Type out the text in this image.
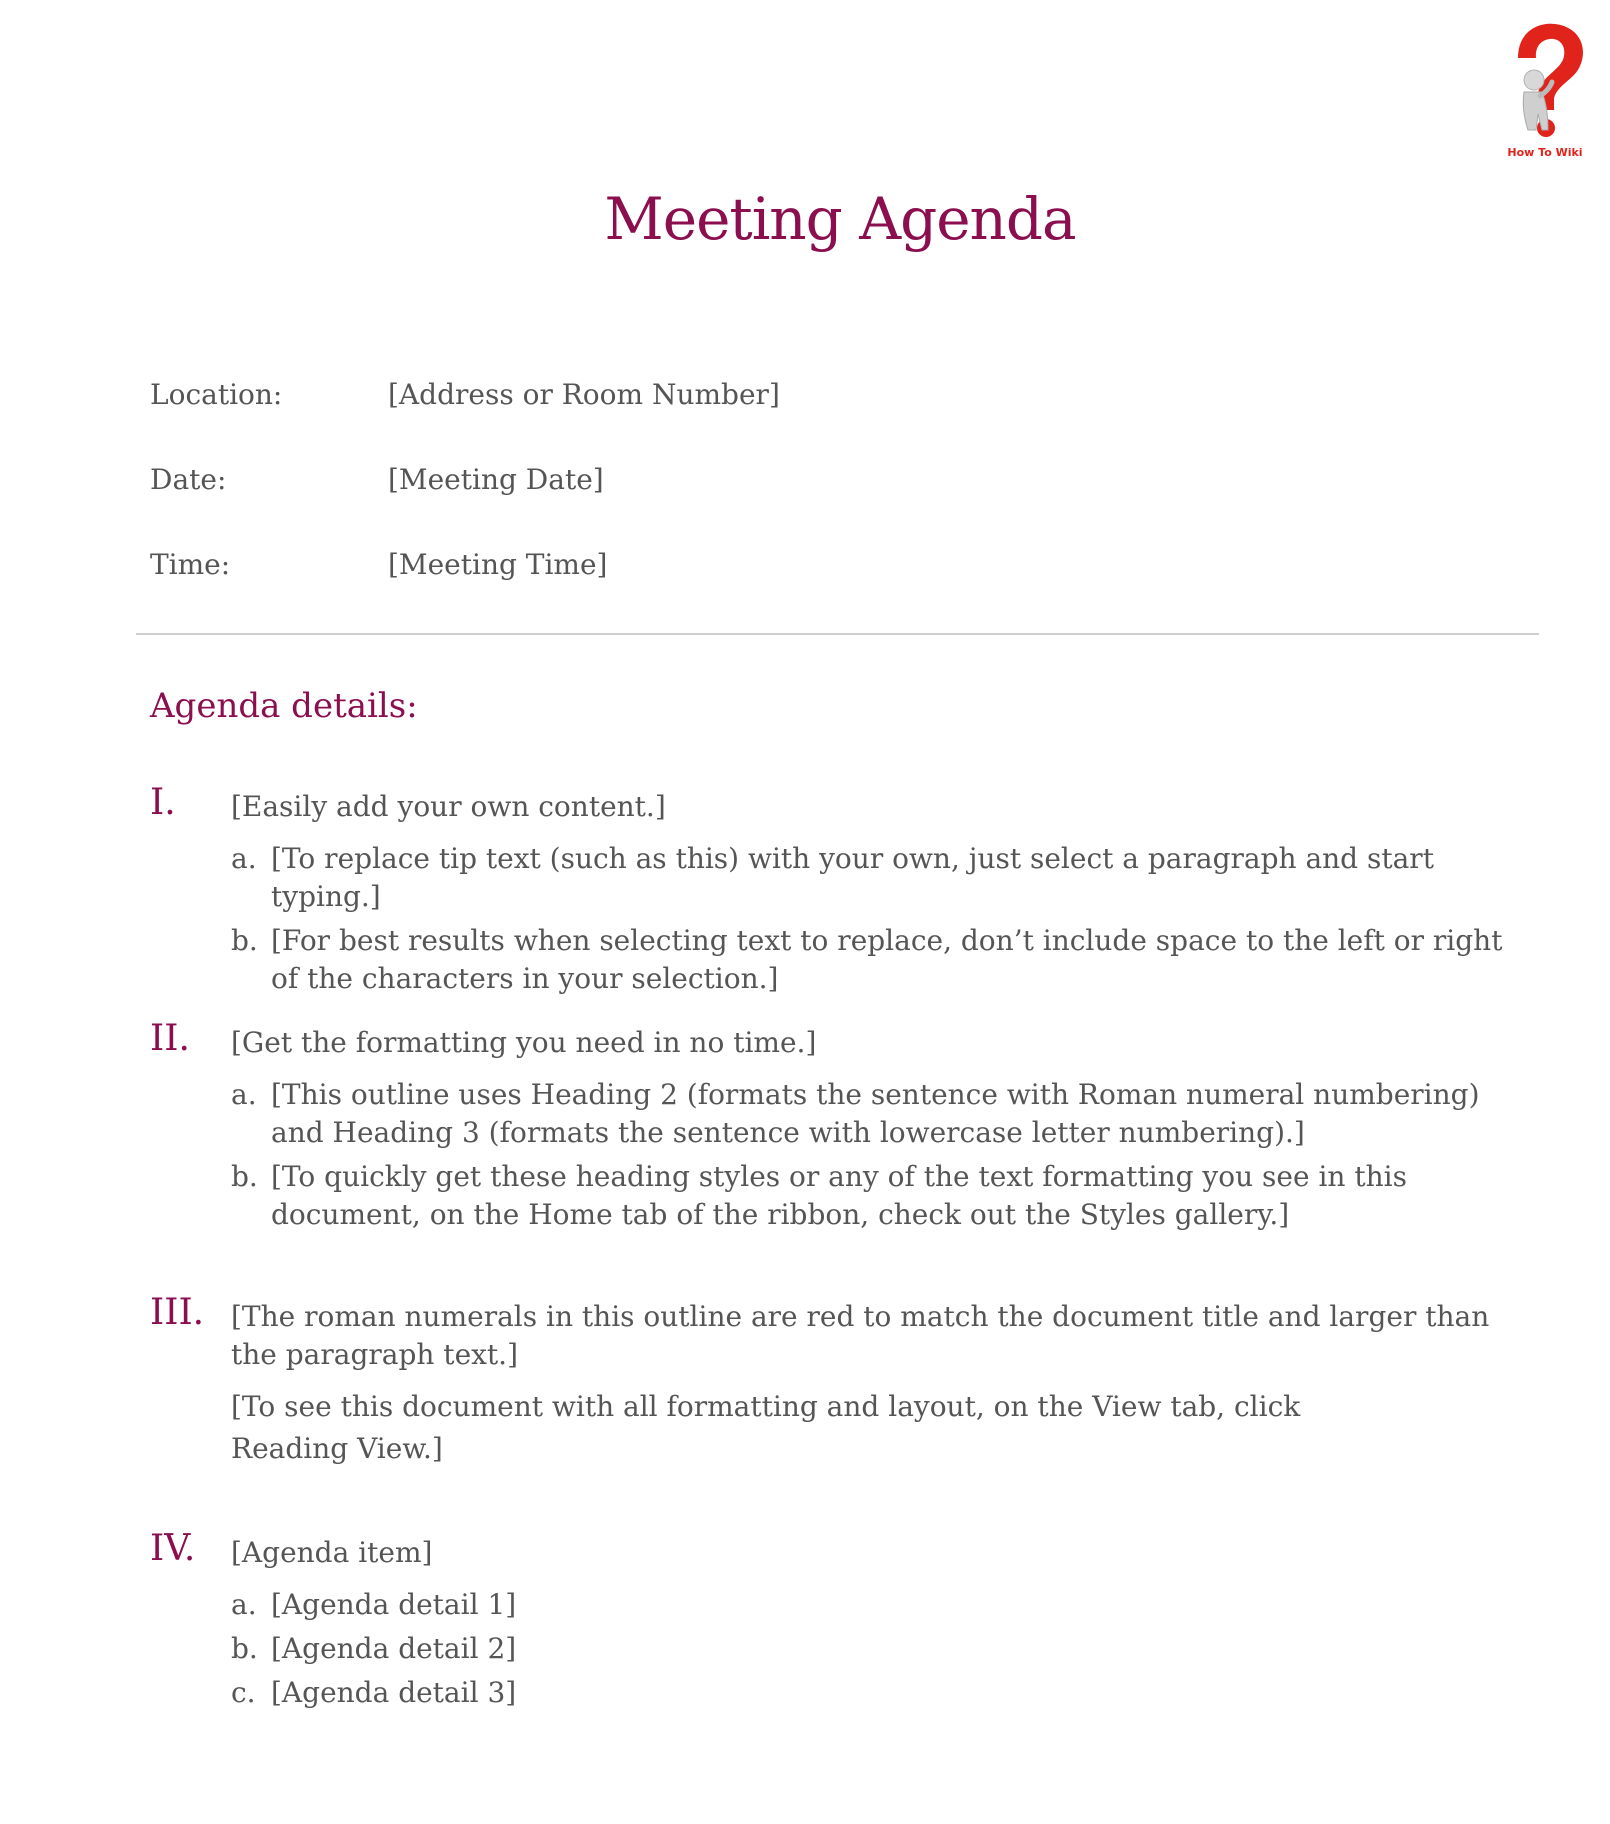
How To Wiki
Meeting Agenda
Location:	[Address or Room Number]
Date:	[Meeting Date]
Time:	[Meeting Time]
Agenda details:
I. [Easily add your own content.]
a. [To replace tip text (such as this) with your own, just select a paragraph and start typing.]
b. [For best results when selecting text to replace, don’t include space to the left or right of the characters in your selection.]
II. [Get the formatting you need in no time.]
a. [This outline uses Heading 2 (formats the sentence with Roman numeral numbering) and Heading 3 (formats the sentence with lowercase letter numbering).]
b. [To quickly get these heading styles or any of the text formatting you see in this document, on the Home tab of the ribbon, check out the Styles gallery.]
III. [The roman numerals in this outline are red to match the document title and larger than the paragraph text.]
[To see this document with all formatting and layout, on the View tab, click Reading View.]
IV. [Agenda item]
a. [Agenda detail 1]
b. [Agenda detail 2]
c. [Agenda detail 3]
